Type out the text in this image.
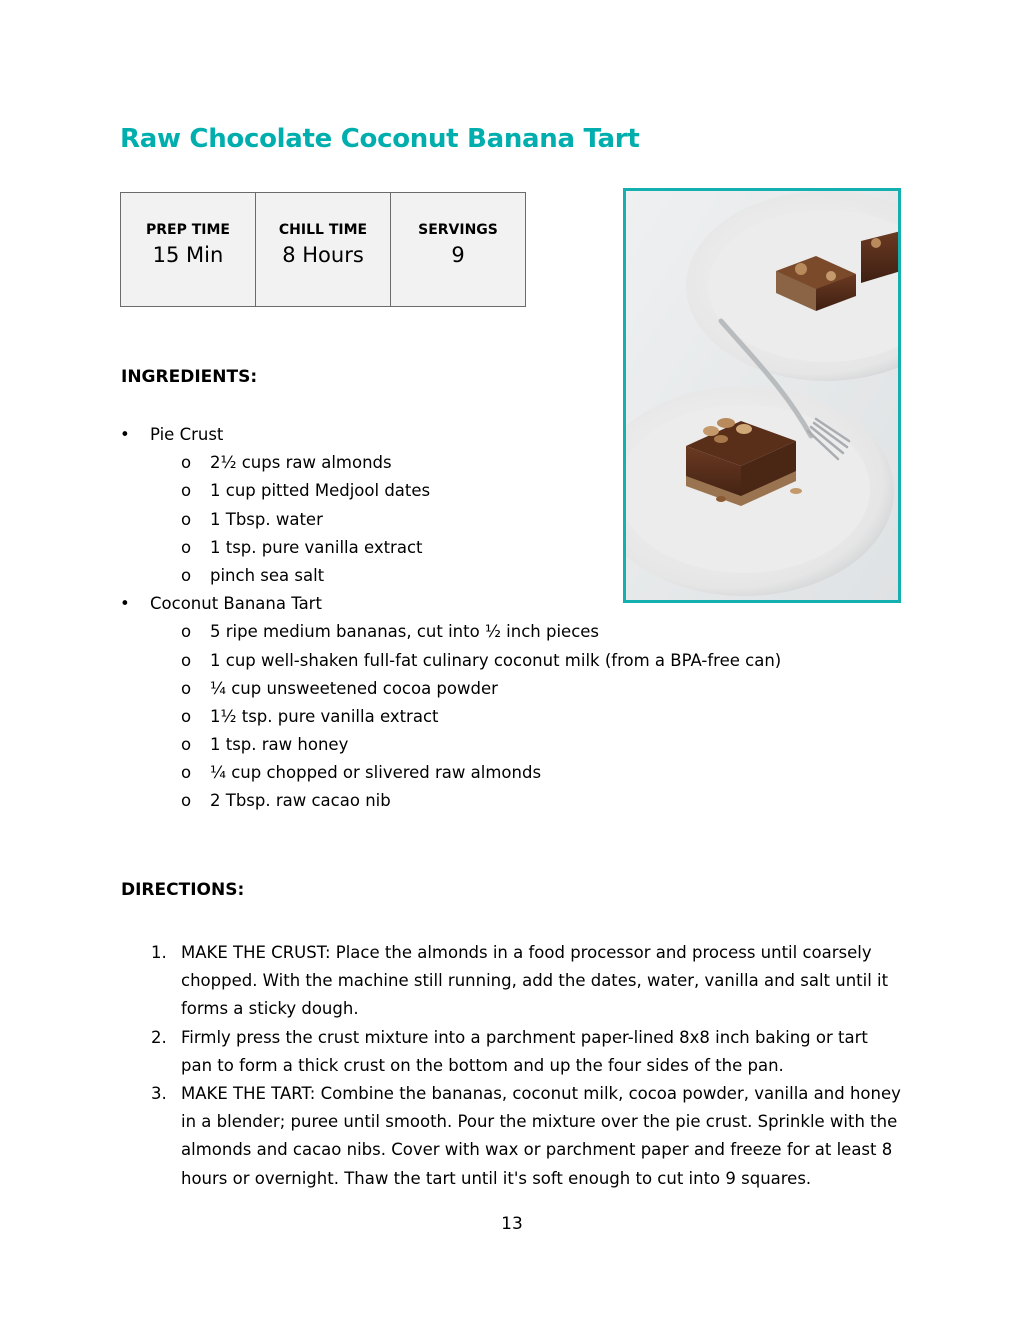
Raw Chocolate Coconut Banana Tart
PREP TIME
15 Min

CHILL TIME
8 Hours

SERVINGS
9
INGREDIENTS:
• Pie Crust
o 2½ cups raw almonds
o 1 cup pitted Medjool dates
o 1 Tbsp. water
o 1 tsp. pure vanilla extract
o pinch sea salt
• Coconut Banana Tart
o 5 ripe medium bananas, cut into ½ inch pieces
o 1 cup well-shaken full-fat culinary coconut milk (from a BPA-free can)
o ¼ cup unsweetened cocoa powder
o 1½ tsp. pure vanilla extract
o 1 tsp. raw honey
o ¼ cup chopped or slivered raw almonds
o 2 Tbsp. raw cacao nib
DIRECTIONS:
1. MAKE THE CRUST: Place the almonds in a food processor and process until coarsely chopped. With the machine still running, add the dates, water, vanilla and salt until it forms a sticky dough.
2. Firmly press the crust mixture into a parchment paper-lined 8x8 inch baking or tart pan to form a thick crust on the bottom and up the four sides of the pan.
3. MAKE THE TART: Combine the bananas, coconut milk, cocoa powder, vanilla and honey in a blender; puree until smooth. Pour the mixture over the pie crust. Sprinkle with the almonds and cacao nibs. Cover with wax or parchment paper and freeze for at least 8 hours or overnight. Thaw the tart until it's soft enough to cut into 9 squares.
13
